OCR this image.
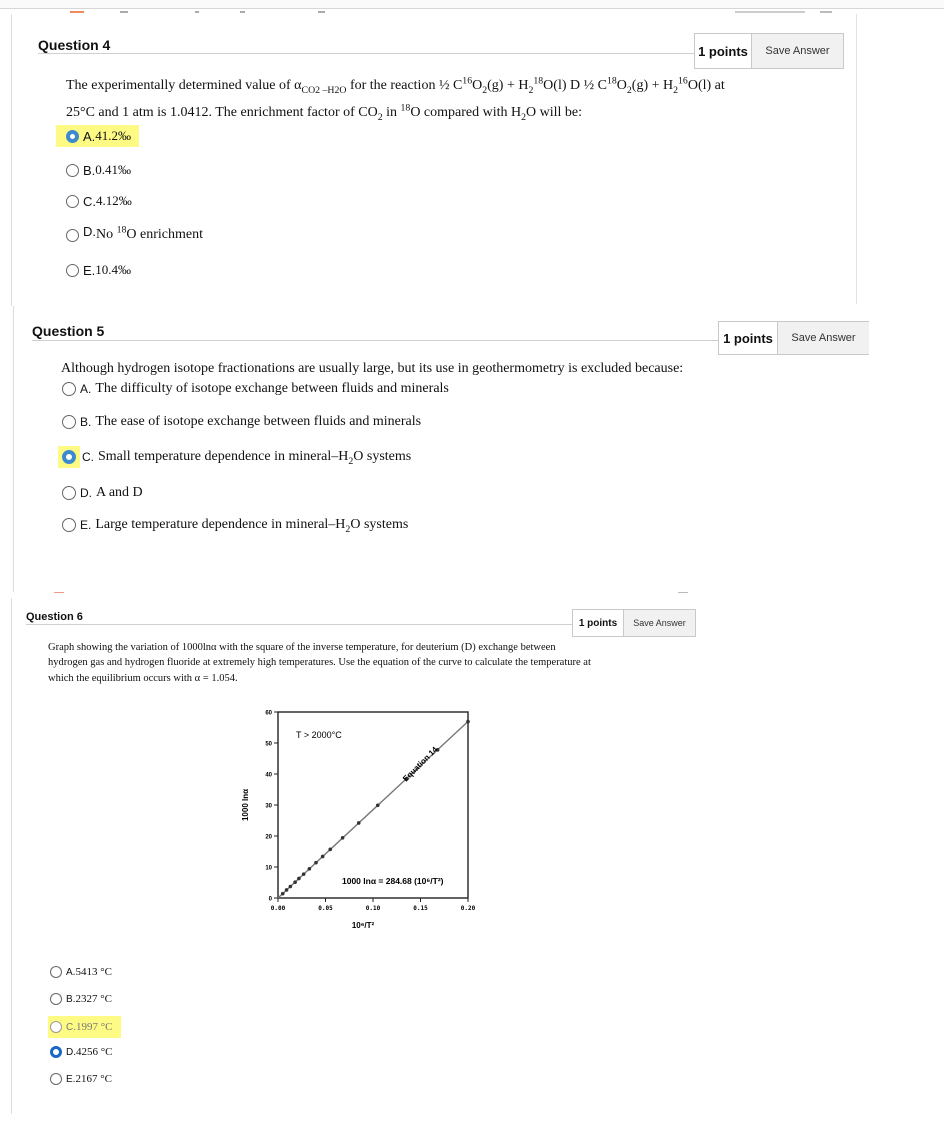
Question 4	1 points	Save Answer
The experimentally determined value of $\alpha_{CO2 -H2O}$ for the reaction ½ $C^{16}O_2(g) + H_2^{18}O(l)$ D ½ $C^{18}O_2(g) + H_2^{16}O(l)$ at
25°C and 1 atm is 1.0412. The enrichment factor of $CO_2$ in $^{18}$O compared with $H_2O$ will be:
A. 41.2‰
B. 0.41‰
C. 4.12‰
D. No $^{18}$O enrichment
E. 10.4‰
Question 5	1 points	Save Answer
Although hydrogen isotope fractionations are usually large, but its use in geothermometry is excluded because:
A. The difficulty of isotope exchange between fluids and minerals
B. The ease of isotope exchange between fluids and minerals
C. Small temperature dependence in mineral–$H_2O$ systems
D. A and D
E. Large temperature dependence in mineral–$H_2O$ systems
Question 6	1 points	Save Answer
Graph showing the variation of 1000lnα with the square of the inverse temperature, for deuterium (D) exchange between
hydrogen gas and hydrogen fluoride at extremely high temperatures. Use the equation of the curve to calculate the temperature at
which the equilibrium occurs with α = 1.054.
0
10
20
30
40
50
60
0.00	0.05	0.10	0.15	0.20
1000 lnα
10⁶/T²
T > 2000°C
Equation 14
1000 lnα = 284.68 (10⁶/T²)
A. 5413 °C
B. 2327 °C
C. 1997 °C
D. 4256 °C
E. 2167 °C
